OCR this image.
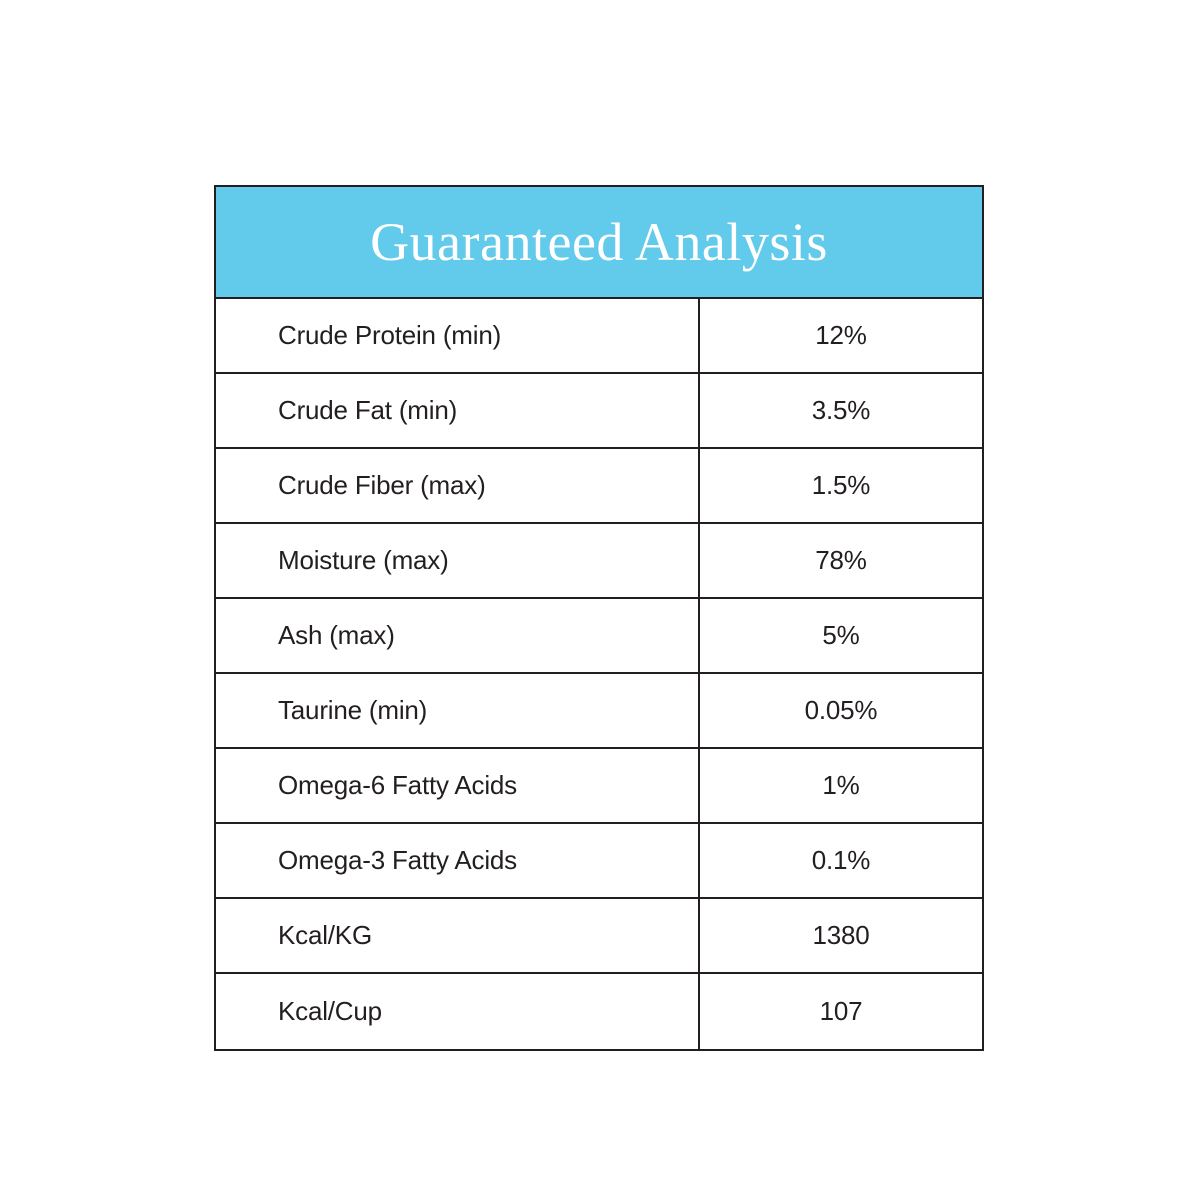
Guaranteed Analysis
Crude Protein (min)	12%
Crude Fat (min)	3.5%
Crude Fiber (max)	1.5%
Moisture (max)	78%
Ash (max)	5%
Taurine (min)	0.05%
Omega-6 Fatty Acids	1%
Omega-3 Fatty Acids	0.1%
Kcal/KG	1380
Kcal/Cup	107
